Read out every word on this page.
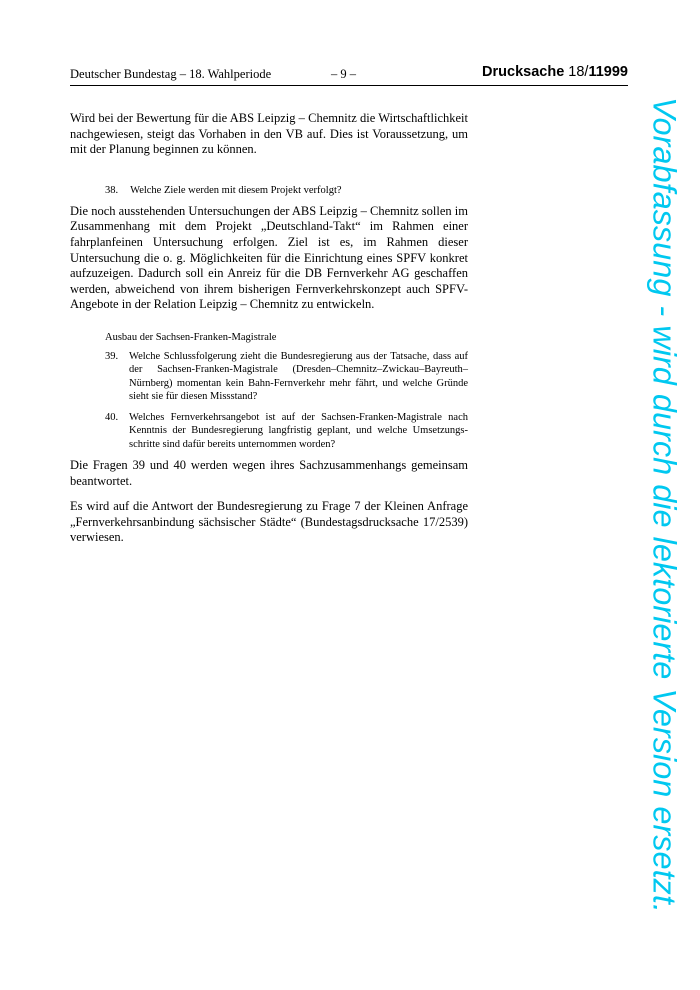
Deutscher Bundestag – 18. Wahlperiode	– 9 –	Drucksache 18/11999

Wird bei der Bewertung für die ABS Leipzig – Chemnitz die Wirtschaftlichkeit nachgewiesen, steigt das Vorhaben in den VB auf. Dies ist Voraussetzung, um mit der Planung beginnen zu können.

38. Welche Ziele werden mit diesem Projekt verfolgt?

Die noch ausstehenden Untersuchungen der ABS Leipzig – Chemnitz sollen im Zusammenhang mit dem Projekt „Deutschland-Takt“ im Rahmen einer fahrplanfeinen Untersuchung erfolgen. Ziel ist es, im Rahmen dieser Untersuchung die o. g. Möglichkeiten für die Einrichtung eines SPFV konkret aufzuzeigen. Dadurch soll ein Anreiz für die DB Fernverkehr AG geschaffen werden, abweichend von ihrem bisherigen Fernverkehrskonzept auch SPFV-Angebote in der Relation Leipzig – Chemnitz zu entwickeln.

Ausbau der Sachsen-Franken-Magistrale

39.	Welche Schlussfolgerung zieht die Bundesregierung aus der Tatsache, dass auf der Sachsen-Franken-Magistrale (Dresden–Chemnitz–Zwickau–Bayreuth–Nürnberg) momentan kein Bahn-Fernverkehr mehr fährt, und welche Gründe sieht sie für diesen Missstand?
40.	Welches Fernverkehrsangebot ist auf der Sachsen-Franken-Magistrale nach Kenntnis der Bundesregierung langfristig geplant, und welche Umsetzungsschritte sind dafür bereits unternommen worden?

Die Fragen 39 und 40 werden wegen ihres Sachzusammenhangs gemeinsam beantwortet.

Es wird auf die Antwort der Bundesregierung zu Frage 7 der Kleinen Anfrage „Fernverkehrsanbindung sächsischer Städte“ (Bundestagsdrucksache 17/2539) verwiesen.	Vorabfassung - wird durch die lektorierte Version ersetzt.
